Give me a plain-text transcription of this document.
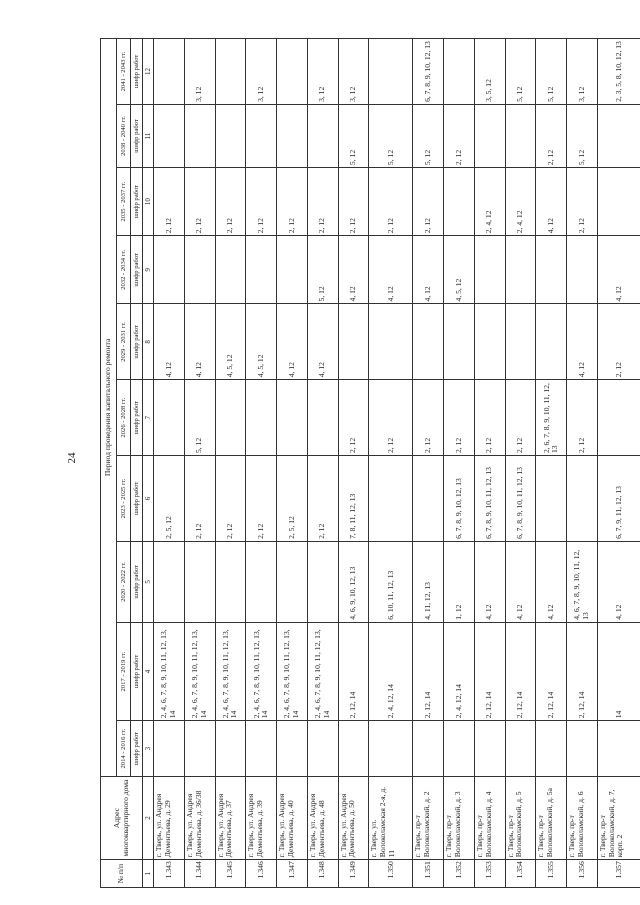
24
№ п/п	Адрес многоквартирного дома	Период проведения капитального ремонта									
		2014 - 2016 гг.	2017 - 2019 гг.	2020 - 2022 гг.	2023 - 2025 гг.	2026 - 2028 гг.	2029 - 2031 гг.	2032 - 2034 гг.	2035 - 2037 гг.	2038 - 2040 гг.	2041 - 2043 гг.
		шифр работ	шифр работ	шифр работ	шифр работ	шифр работ	шифр работ	шифр работ	шифр работ	шифр работ	шифр работ
1	2	3	4	5	6	7	8	9	10	11	12
1.343	г. Тверь, ул. Андрея Дементьева, д. 29		2, 4, 6, 7, 8, 9, 10, 11, 12, 13, 14		2, 5, 12		4, 12		2, 12		
1.344	г. Тверь, ул. Андрея Дементьева, д. 36/38		2, 4, 6, 7, 8, 9, 10, 11, 12, 13, 14		2, 12	5, 12	4, 12		2, 12		3, 12
1.345	г. Тверь, ул. Андрея Дементьева, д. 37		2, 4, 6, 7, 8, 9, 10, 11, 12, 13, 14		2, 12		4, 5, 12		2, 12		
1.346	г. Тверь, ул. Андрея Дементьева, д. 39		2, 4, 6, 7, 8, 9, 10, 11, 12, 13, 14		2, 12		4, 5, 12		2, 12		3, 12
1.347	г. Тверь, ул. Андрея Дементьева, д. 40		2, 4, 6, 7, 8, 9, 10, 11, 12, 13, 14		2, 5, 12		4, 12		2, 12		
1.348	г. Тверь, ул. Андрея Дементьева, д. 48		2, 4, 6, 7, 8, 9, 10, 11, 12, 13, 14		2, 12		4, 12	5, 12	2, 12		3, 12
1.349	г. Тверь, ул. Андрея Дементьева, д. 50		2, 12, 14	4, 6, 9, 10, 12, 13	7, 8, 11, 12, 13	2, 12		4, 12	2, 12	5, 12	3, 12
1.350	г. Тверь, ул. Волоколамская 2-я, д. 11		2, 4, 12, 14	6, 10, 11, 12, 13		2, 12		4, 12	2, 12	5, 12	
1.351	г. Тверь, пр-т Волоколамский, д. 2		2, 12, 14	4, 11, 12, 13		2, 12		4, 12	2, 12	5, 12	6, 7, 8, 9, 10, 12, 13
1.352	г. Тверь, пр-т Волоколамский, д. 3		2, 4, 12, 14	1, 12	6, 7, 8, 9, 10, 12, 13	2, 12		4, 5, 12		2, 12	
1.353	г. Тверь, пр-т Волоколамский, д. 4		2, 12, 14	4, 12	6, 7, 8, 9, 10, 11, 12, 13	2, 12			2, 4, 12		3, 5, 12
1.354	г. Тверь, пр-т Волоколамский, д. 5		2, 12, 14	4, 12	6, 7, 8, 9, 10, 11, 12, 13	2, 12			2, 4, 12		5, 12
1.355	г. Тверь, пр-т Волоколамский, д. 5а		2, 12, 14	4, 12		2, 6, 7, 8, 9, 10, 11, 12, 13			4, 12	2, 12	5, 12
1.356	г. Тверь, пр-т Волоколамский, д. 6		2, 12, 14	4, 6, 7, 8, 9, 10, 11, 12, 13		2, 12	4, 12		2, 12	5, 12	3, 12
1.357	г. Тверь, пр-т Волоколамский, д. 7, корп. 2		14	4, 12	6, 7, 9, 11, 12, 13		2, 12	4, 12			2, 3, 5, 8, 10, 12, 13
